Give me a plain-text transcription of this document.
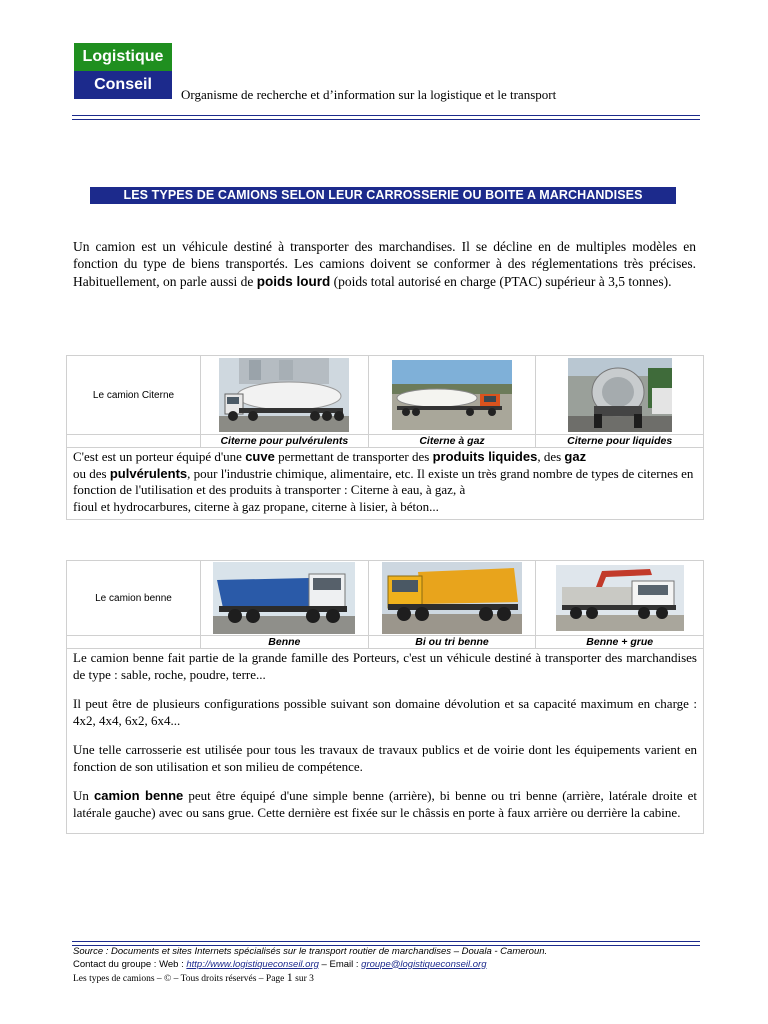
Logistique
Conseil
Organisme de recherche et d’information sur la logistique et le transport
LES TYPES DE CAMIONS SELON LEUR CARROSSERIE OU BOITE A MARCHANDISES
Un camion est un véhicule destiné à transporter des marchandises. Il se décline en de multiples modèles en fonction du type de biens transportés. Les camions doivent se conformer à des réglementations très précises. Habituellement, on parle aussi de poids lourd (poids total autorisé en charge (PTAC) supérieur à 3,5 tonnes).
Le camion Citerne
Citerne pour pulvérulents	Citerne à gaz	Citerne pour liquides

C'est est un porteur équipé d'une cuve permettant de transporter des produits liquides, des gaz
ou des pulvérulents, pour l'industrie chimique, alimentaire, etc. Il existe un très grand nombre de types de citernes en fonction de l'utilisation et des produits à transporter : Citerne à eau, à gaz, à
fioul et hydrocarbures, citerne à gaz propane, citerne à lisier, à béton...

Le camion benne
Benne	Bi ou tri benne	Benne + grue

Le camion benne fait partie de la grande famille des Porteurs, c'est un véhicule destiné à transporter des marchandises de type : sable, roche, poudre, terre...

Il peut être de plusieurs configurations possible suivant son domaine dévolution et sa capacité maximum en charge : 4x2, 4x4, 6x2, 6x4...

Une telle carrosserie est utilisée pour tous les travaux de travaux publics et de voirie dont les équipements varient en fonction de son utilisation et son milieu de compétence.

Un camion benne peut être équipé d'une simple benne (arrière), bi benne ou tri benne (arrière, latérale droite et latérale gauche) avec ou sans grue. Cette dernière est fixée sur le châssis en porte à faux arrière ou derrière la cabine.

Source : Documents et sites Internets spécialisés sur le transport routier de marchandises – Douala - Cameroun.
Contact du groupe : Web : http://www.logistiqueconseil.org – Email : groupe@logistiqueconseil.org
Les types de camions – © – Tous droits réservés – Page 1 sur 3
